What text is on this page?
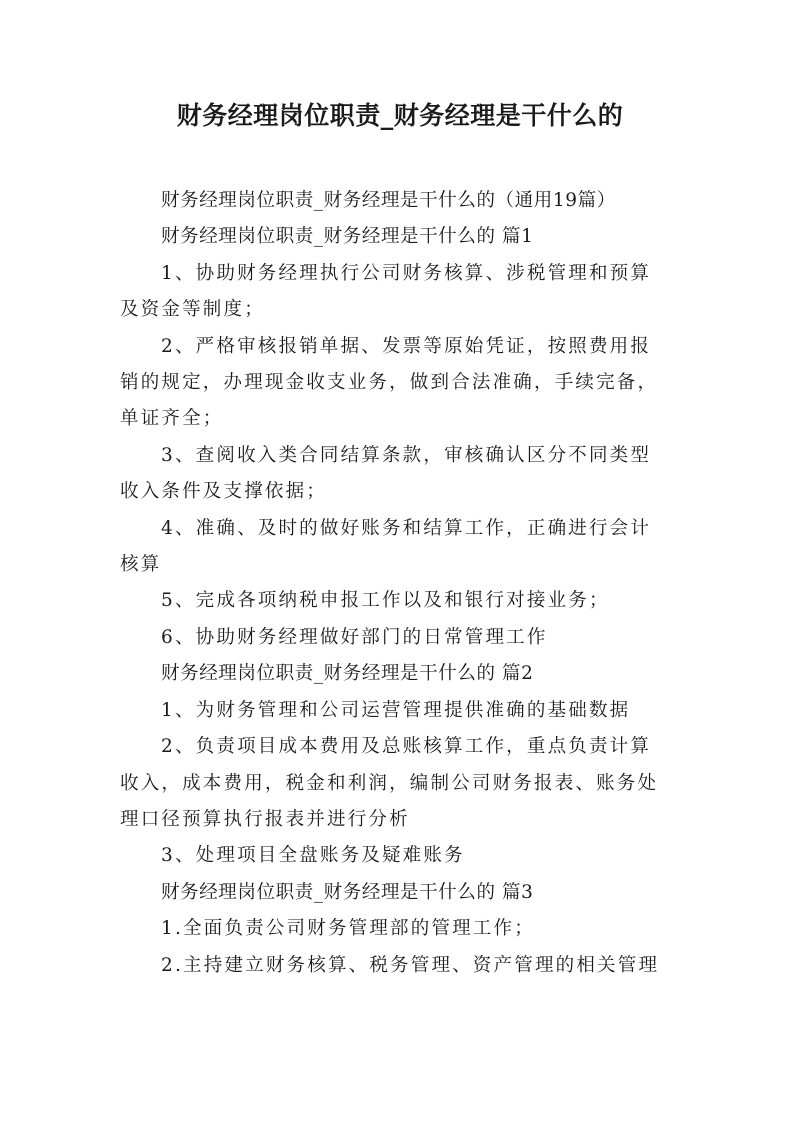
财务经理岗位职责_财务经理是干什么的

财务经理岗位职责_财务经理是干什么的（通用19篇）

财务经理岗位职责_财务经理是干什么的 篇1

1、协助财务经理执行公司财务核算、涉税管理和预算

及资金等制度；

2、严格审核报销单据、发票等原始凭证，按照费用报

销的规定，办理现金收支业务，做到合法准确，手续完备，

单证齐全；

3、查阅收入类合同结算条款，审核确认区分不同类型

收入条件及支撑依据；

4、准确、及时的做好账务和结算工作，正确进行会计

核算

5、完成各项纳税申报工作以及和银行对接业务；

6、协助财务经理做好部门的日常管理工作

财务经理岗位职责_财务经理是干什么的 篇2

1、为财务管理和公司运营管理提供准确的基础数据

2、负责项目成本费用及总账核算工作，重点负责计算

收入，成本费用，税金和利润，编制公司财务报表、账务处

理口径预算执行报表并进行分析

3、处理项目全盘账务及疑难账务

财务经理岗位职责_财务经理是干什么的 篇3

1.全面负责公司财务管理部的管理工作；

2.主持建立财务核算、税务管理、资产管理的相关管理
